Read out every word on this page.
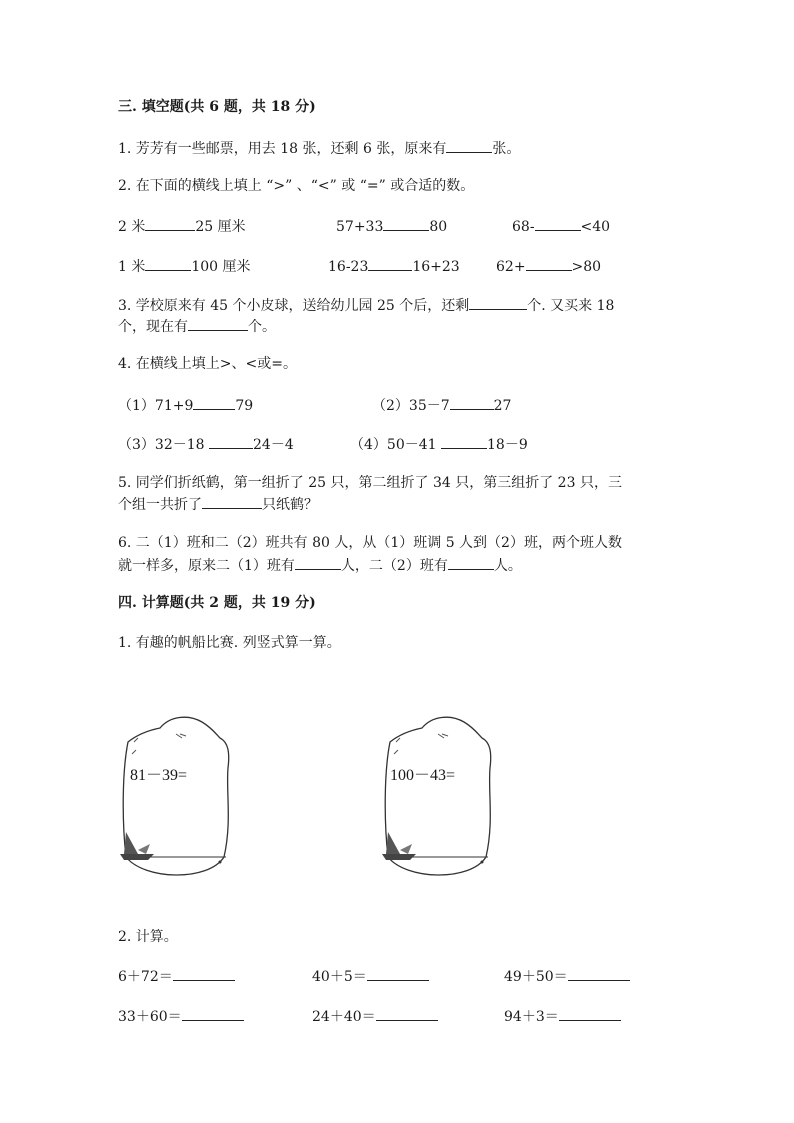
三. 填空题(共 6 题，共 18 分)
1. 芳芳有一些邮票，用去 18 张，还剩 6 张，原来有	张。
2. 在下面的横线上填上 “>” 、“<” 或 “=” 或合适的数。
2 米	25 厘米	57+33	80	68-	<40
1 米	100 厘米	16-23	16+23	62+	>80
3. 学校原来有 45 个小皮球，送给幼儿园 25 个后，还剩	个. 又买来 18
个，现在有	个。
4. 在横线上填上>、<或=。
（1）71+9	79	（2）35－7	27
（3）32－18	24－4	（4）50－41	18－9
5. 同学们折纸鹤，第一组折了 25 只，第二组折了 34 只，第三组折了 23 只，三
个组一共折了	只纸鹤？
6. 二（1）班和二（2）班共有 80 人，从（1）班调 5 人到（2）班，两个班人数
就一样多，原来二（1）班有	人，二（2）班有	人。
四. 计算题(共 2 题，共 19 分)
1. 有趣的帆船比赛. 列竖式算一算。
81－39=	100－43=
2. 计算。
6＋72＝	40＋5＝	49＋50＝
33＋60＝	24＋40＝	94＋3＝
